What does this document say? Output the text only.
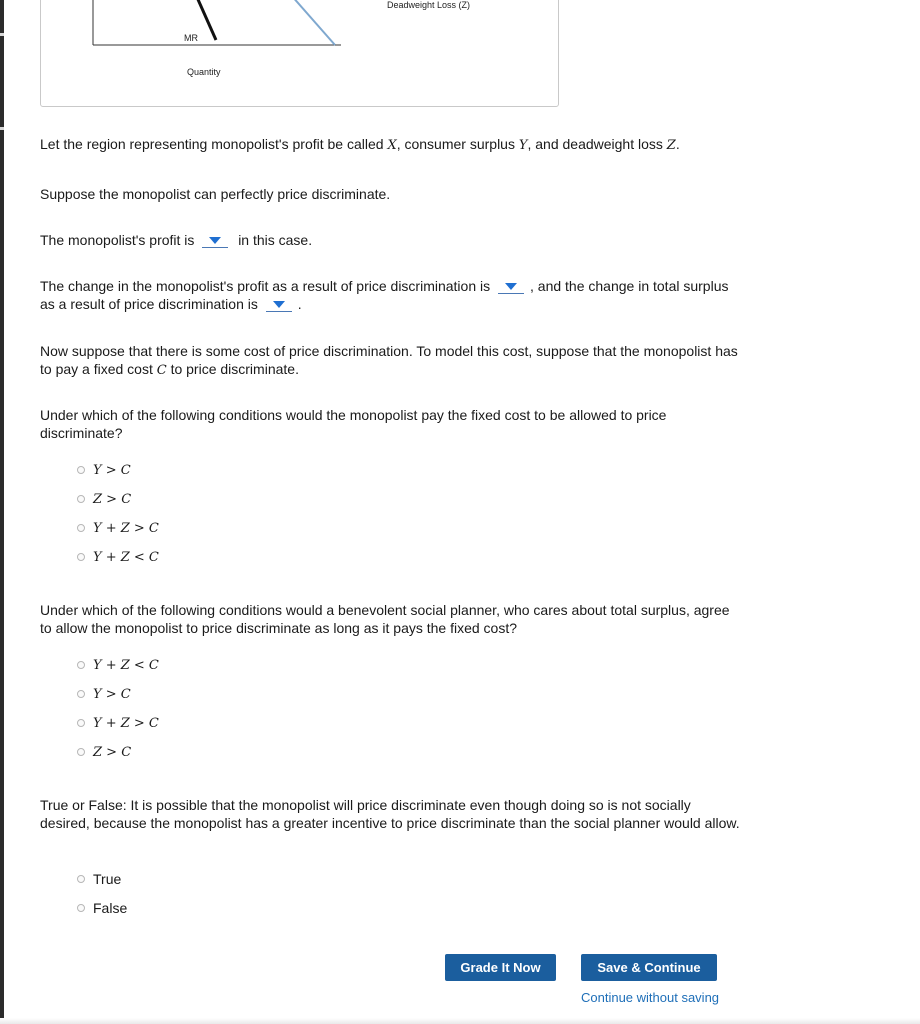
Deadweight Loss (Z)
MR
Quantity
Let the region representing monopolist's profit be called X, consumer surplus Y, and deadweight loss Z.
Suppose the monopolist can perfectly price discriminate.
The monopolist's profit is	in this case.
The change in the monopolist's profit as a result of price discrimination is	, and the change in total surplus as a result of price discrimination is	.
Now suppose that there is some cost of price discrimination. To model this cost, suppose that the monopolist has to pay a fixed cost C to price discriminate.
Under which of the following conditions would the monopolist pay the fixed cost to be allowed to price discriminate?
Y > C
Z > C
Y + Z > C
Y + Z < C
Under which of the following conditions would a benevolent social planner, who cares about total surplus, agree to allow the monopolist to price discriminate as long as it pays the fixed cost?
Y + Z < C
Y > C
Y + Z > C
Z > C
True or False: It is possible that the monopolist will price discriminate even though doing so is not socially desired, because the monopolist has a greater incentive to price discriminate than the social planner would allow.
True
False
Grade It Now	Save & Continue
Continue without saving
